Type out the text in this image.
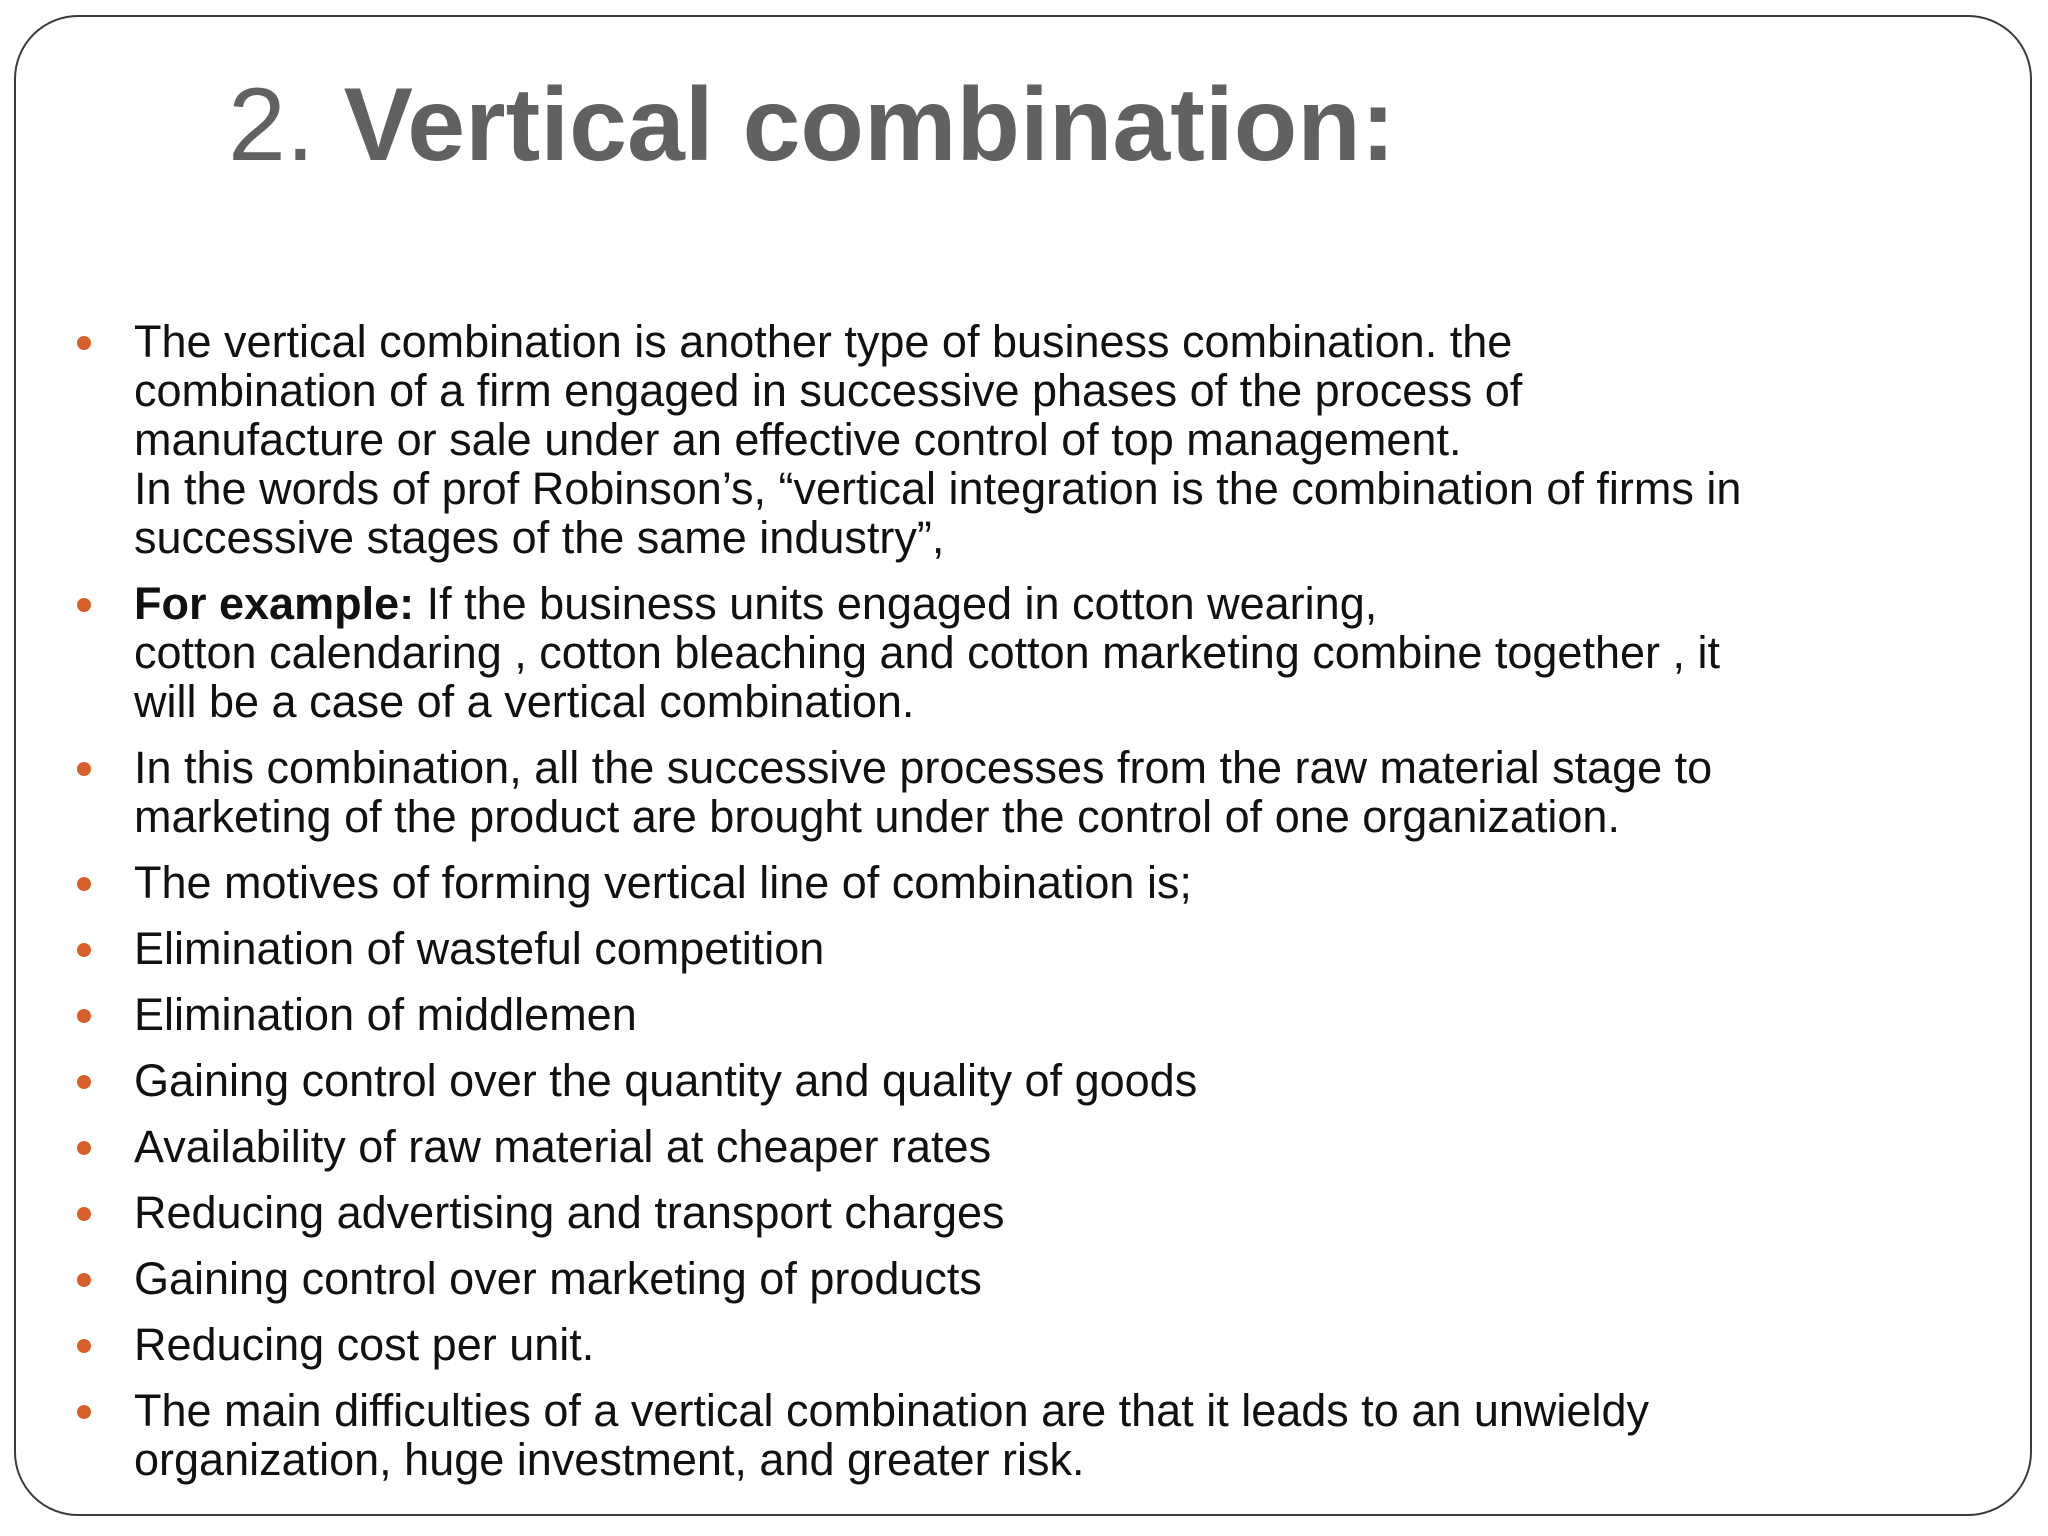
2. Vertical combination:
The vertical combination is another type of business combination. the
combination of a firm engaged in successive phases of the process of
manufacture or sale under an effective control of top management.
In the words of prof Robinson’s, “vertical integration is the combination of firms in
successive stages of the same industry”,
For example: If the business units engaged in cotton wearing,
cotton calendaring , cotton bleaching and cotton marketing combine together , it
will be a case of a vertical combination.
In this combination, all the successive processes from the raw material stage to
marketing of the product are brought under the control of one organization.
The motives of forming vertical line of combination is;
Elimination of wasteful competition
Elimination of middlemen
Gaining control over the quantity and quality of goods
Availability of raw material at cheaper rates
Reducing advertising and transport charges
Gaining control over marketing of products
Reducing cost per unit.
The main difficulties of a vertical combination are that it leads to an unwieldy
organization, huge investment, and greater risk.
